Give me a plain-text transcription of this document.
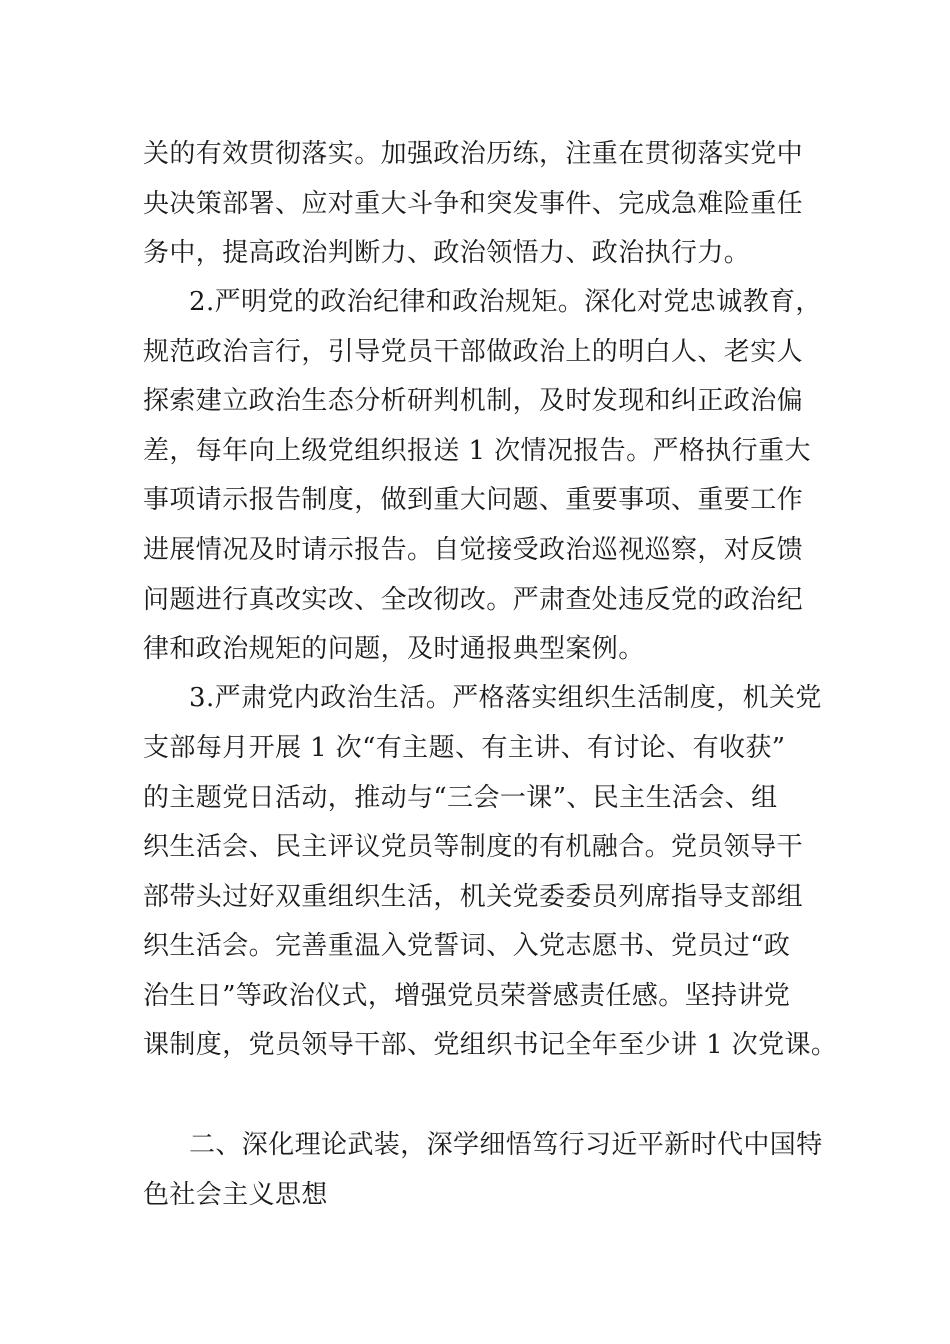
关的有效贯彻落实。加强政治历练，注重在贯彻落实党中
央决策部署、应对重大斗争和突发事件、完成急难险重任
务中，提高政治判断力、政治领悟力、政治执行力。
2.严明党的政治纪律和政治规矩。深化对党忠诚教育，
规范政治言行，引导党员干部做政治上的明白人、老实人
探索建立政治生态分析研判机制，及时发现和纠正政治偏
差，每年向上级党组织报送 1 次情况报告。严格执行重大
事项请示报告制度，做到重大问题、重要事项、重要工作
进展情况及时请示报告。自觉接受政治巡视巡察，对反馈
问题进行真改实改、全改彻改。严肃查处违反党的政治纪
律和政治规矩的问题，及时通报典型案例。
3.严肃党内政治生活。严格落实组织生活制度，机关党
支部每月开展 1 次“有主题、有主讲、有讨论、有收获”
的主题党日活动，推动与“三会一课”、民主生活会、组
织生活会、民主评议党员等制度的有机融合。党员领导干
部带头过好双重组织生活，机关党委委员列席指导支部组
织生活会。完善重温入党誓词、入党志愿书、党员过“政
治生日”等政治仪式，增强党员荣誉感责任感。坚持讲党
课制度，党员领导干部、党组织书记全年至少讲 1 次党课。
二、深化理论武装，深学细悟笃行习近平新时代中国特
色社会主义思想
